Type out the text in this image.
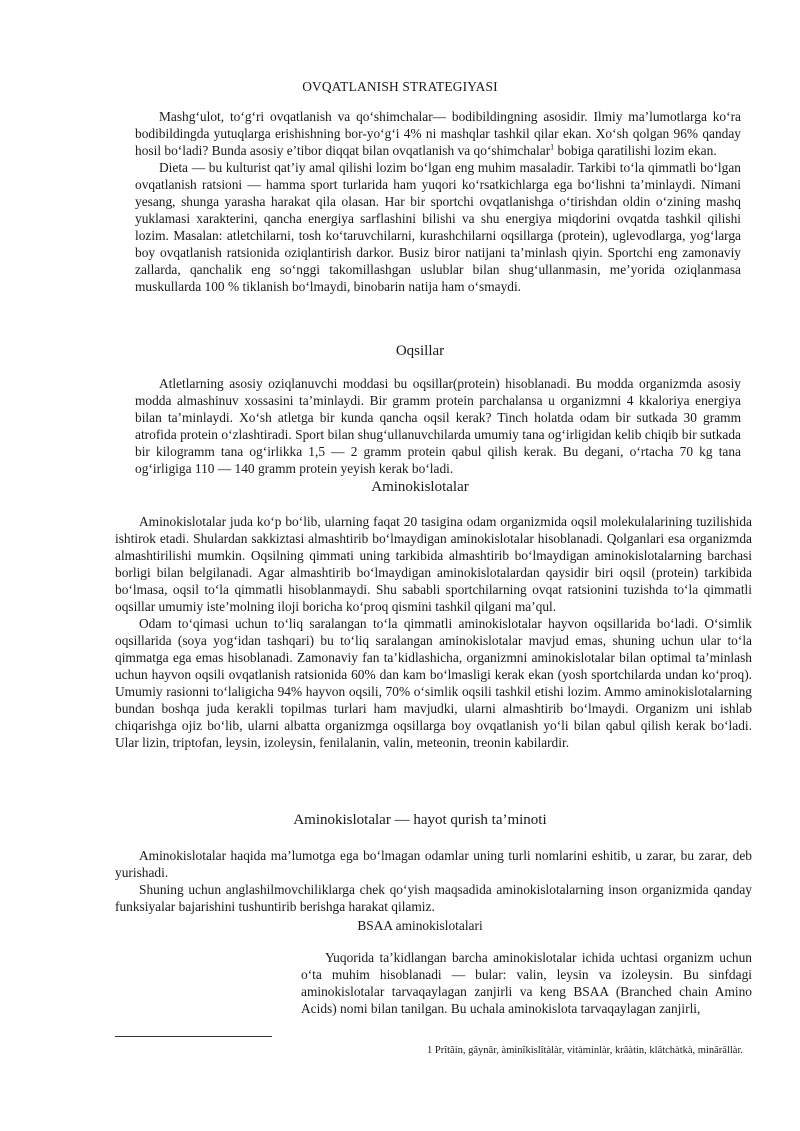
OVQATLANISH STRATEGIYASI

Mashg‘ulot, to‘g‘ri ovqatlanish va qo‘shimchalar— bodibildingning asosidir. Ilmiy ma’lumotlarga ko‘ra bodibildingda yutuqlarga erishishning bor-yo‘g‘i 4% ni mashqlar tashkil qilar ekan. Xo‘sh qolgan 96% qanday hosil bo‘ladi? Bunda asosiy e’tibor diqqat bilan ovqatlanish va qo‘shimchalar$^1$ bobiga qaratilishi lozim ekan.

Dieta — bu kulturist qat’iy amal qilishi lozim bo‘lgan eng muhim masaladir. Tarkibi to‘la qimmatli bo‘lgan ovqatlanish ratsioni — hamma sport turlarida ham yuqori ko‘rsatkichlarga ega bo‘lishni ta’minlaydi. Nimani yesang, shunga yarasha harakat qila olasan. Har bir sportchi ovqatlanishga o‘tirishdan oldin o‘zining mashq yuklamasi xarakterini, qancha energiya sarflashini bilishi va shu energiya miqdorini ovqatda tashkil qilishi lozim. Masalan: atletchilarni, tosh ko‘taruvchilarni, kurashchilarni oqsillarga (protein), uglevodlarga, yog‘larga boy ovqatlanish ratsionida oziqlantirish darkor. Busiz biror natijani ta’minlash qiyin. Sportchi eng zamonaviy zallarda, qanchalik eng so‘nggi takomillashgan uslublar bilan shug‘ullanmasin, me’yorida oziqlanmasa muskullarda 100 % tiklanish bo‘lmaydi, binobarin natija ham o‘smaydi.

Oqsillar

Atletlarning asosiy oziqlanuvchi moddasi bu oqsillar(protein) hisoblanadi. Bu modda organizmda asosiy modda almashinuv xossasini ta’minlaydi. Bir gramm protein parchalansa u organizmni 4 kkaloriya energiya bilan ta’minlaydi. Xo‘sh atletga bir kunda qancha oqsil kerak? Tinch holatda odam bir sutkada 30 gramm atrofida protein o‘zlashtiradi. Sport bilan shug‘ullanuvchilarda umumiy tana og‘irligidan kelib chiqib bir sutkada bir kilogramm tana og‘irlikka 1,5 — 2 gramm protein qabul qilish kerak. Bu degani, o‘rtacha 70 kg tana og‘irligiga 110 — 140 gramm protein yeyish kerak bo‘ladi.

Aminokislotalar

Aminokislotalar juda ko‘p bo‘lib, ularning faqat 20 tasigina odam organizmida oqsil molekulalarining tuzilishida ishtirok etadi. Shulardan sakkiztasi almashtirib bo‘lmaydigan aminokislotalar hisoblanadi. Qolganlari esa organizmda almashtirilishi mumkin. Oqsilning qimmati uning tarkibida almashtirib bo‘lmaydigan aminokislotalarning barchasi borligi bilan belgilanadi. Agar almashtirib bo‘lmaydigan aminokislotalardan qaysidir biri oqsil (protein) tarkibida bo‘lmasa, oqsil to‘la qimmatli hisoblanmaydi. Shu sababli sportchilarning ovqat ratsionini tuzishda to‘la qimmatli oqsillar umumiy iste’molning iloji boricha ko‘proq qismini tashkil qilgani ma’qul.

Odam to‘qimasi uchun to‘liq saralangan to‘la qimmatli aminokislotalar hayvon oqsillarida bo‘ladi. O‘simlik oqsillarida (soya yog‘idan tashqari) bu to‘liq saralangan aminokislotalar mavjud emas, shuning uchun ular to‘la qimmatga ega emas hisoblanadi. Zamonaviy fan ta’kidlashicha, organizmni aminokislotalar bilan optimal ta’minlash uchun hayvon oqsili ovqatlanish ratsionida 60% dan kam bo‘lmasligi kerak ekan (yosh sportchilarda undan ko‘proq). Umumiy rasionni to‘laligicha 94% hayvon oqsili, 70% o‘simlik oqsili tashkil etishi lozim. Ammo aminokislotalarning bundan boshqa juda kerakli topilmas turlari ham mavjudki, ularni almashtirib bo‘lmaydi. Organizm uni ishlab chiqarishga ojiz bo‘lib, ularni albatta organizmga oqsillarga boy ovqatlanish yo‘li bilan qabul qilish kerak bo‘ladi. Ular lizin, triptofan, leysin, izoleysin, fenilalanin, valin, meteonin, treonin kabilardir.

Aminokislotalar — hayot qurish ta’minoti

Aminokislotalar haqida ma’lumotga ega bo‘lmagan odamlar uning turli nomlarini eshitib, u zarar, bu zarar, deb yurishadi.

Shuning uchun anglashilmovchiliklarga chek qo‘yish maqsadida aminokislotalarning inson organizmida qanday funksiyalar bajarishini tushuntirib berishga harakat qilamiz.

BSAA aminokislotalari

Yuqorida ta’kidlangan barcha aminokislotalar ichida uchtasi organizm uchun o‘ta muhim hisoblanadi — bular: valin, leysin va izoleysin. Bu sinfdagi aminokislotalar tarvaqaylagan zanjirli va keng BSAA (Branched chain Amino Acids) nomi bilan tanilgan. Bu uchala aminokislota tarvaqaylagan zanjirli,

1 Prîtâin, gâynâr, àminîkislîtàlàr, vitàminlàr, krâàtin, klâtchàtkà, minârâllàr.
